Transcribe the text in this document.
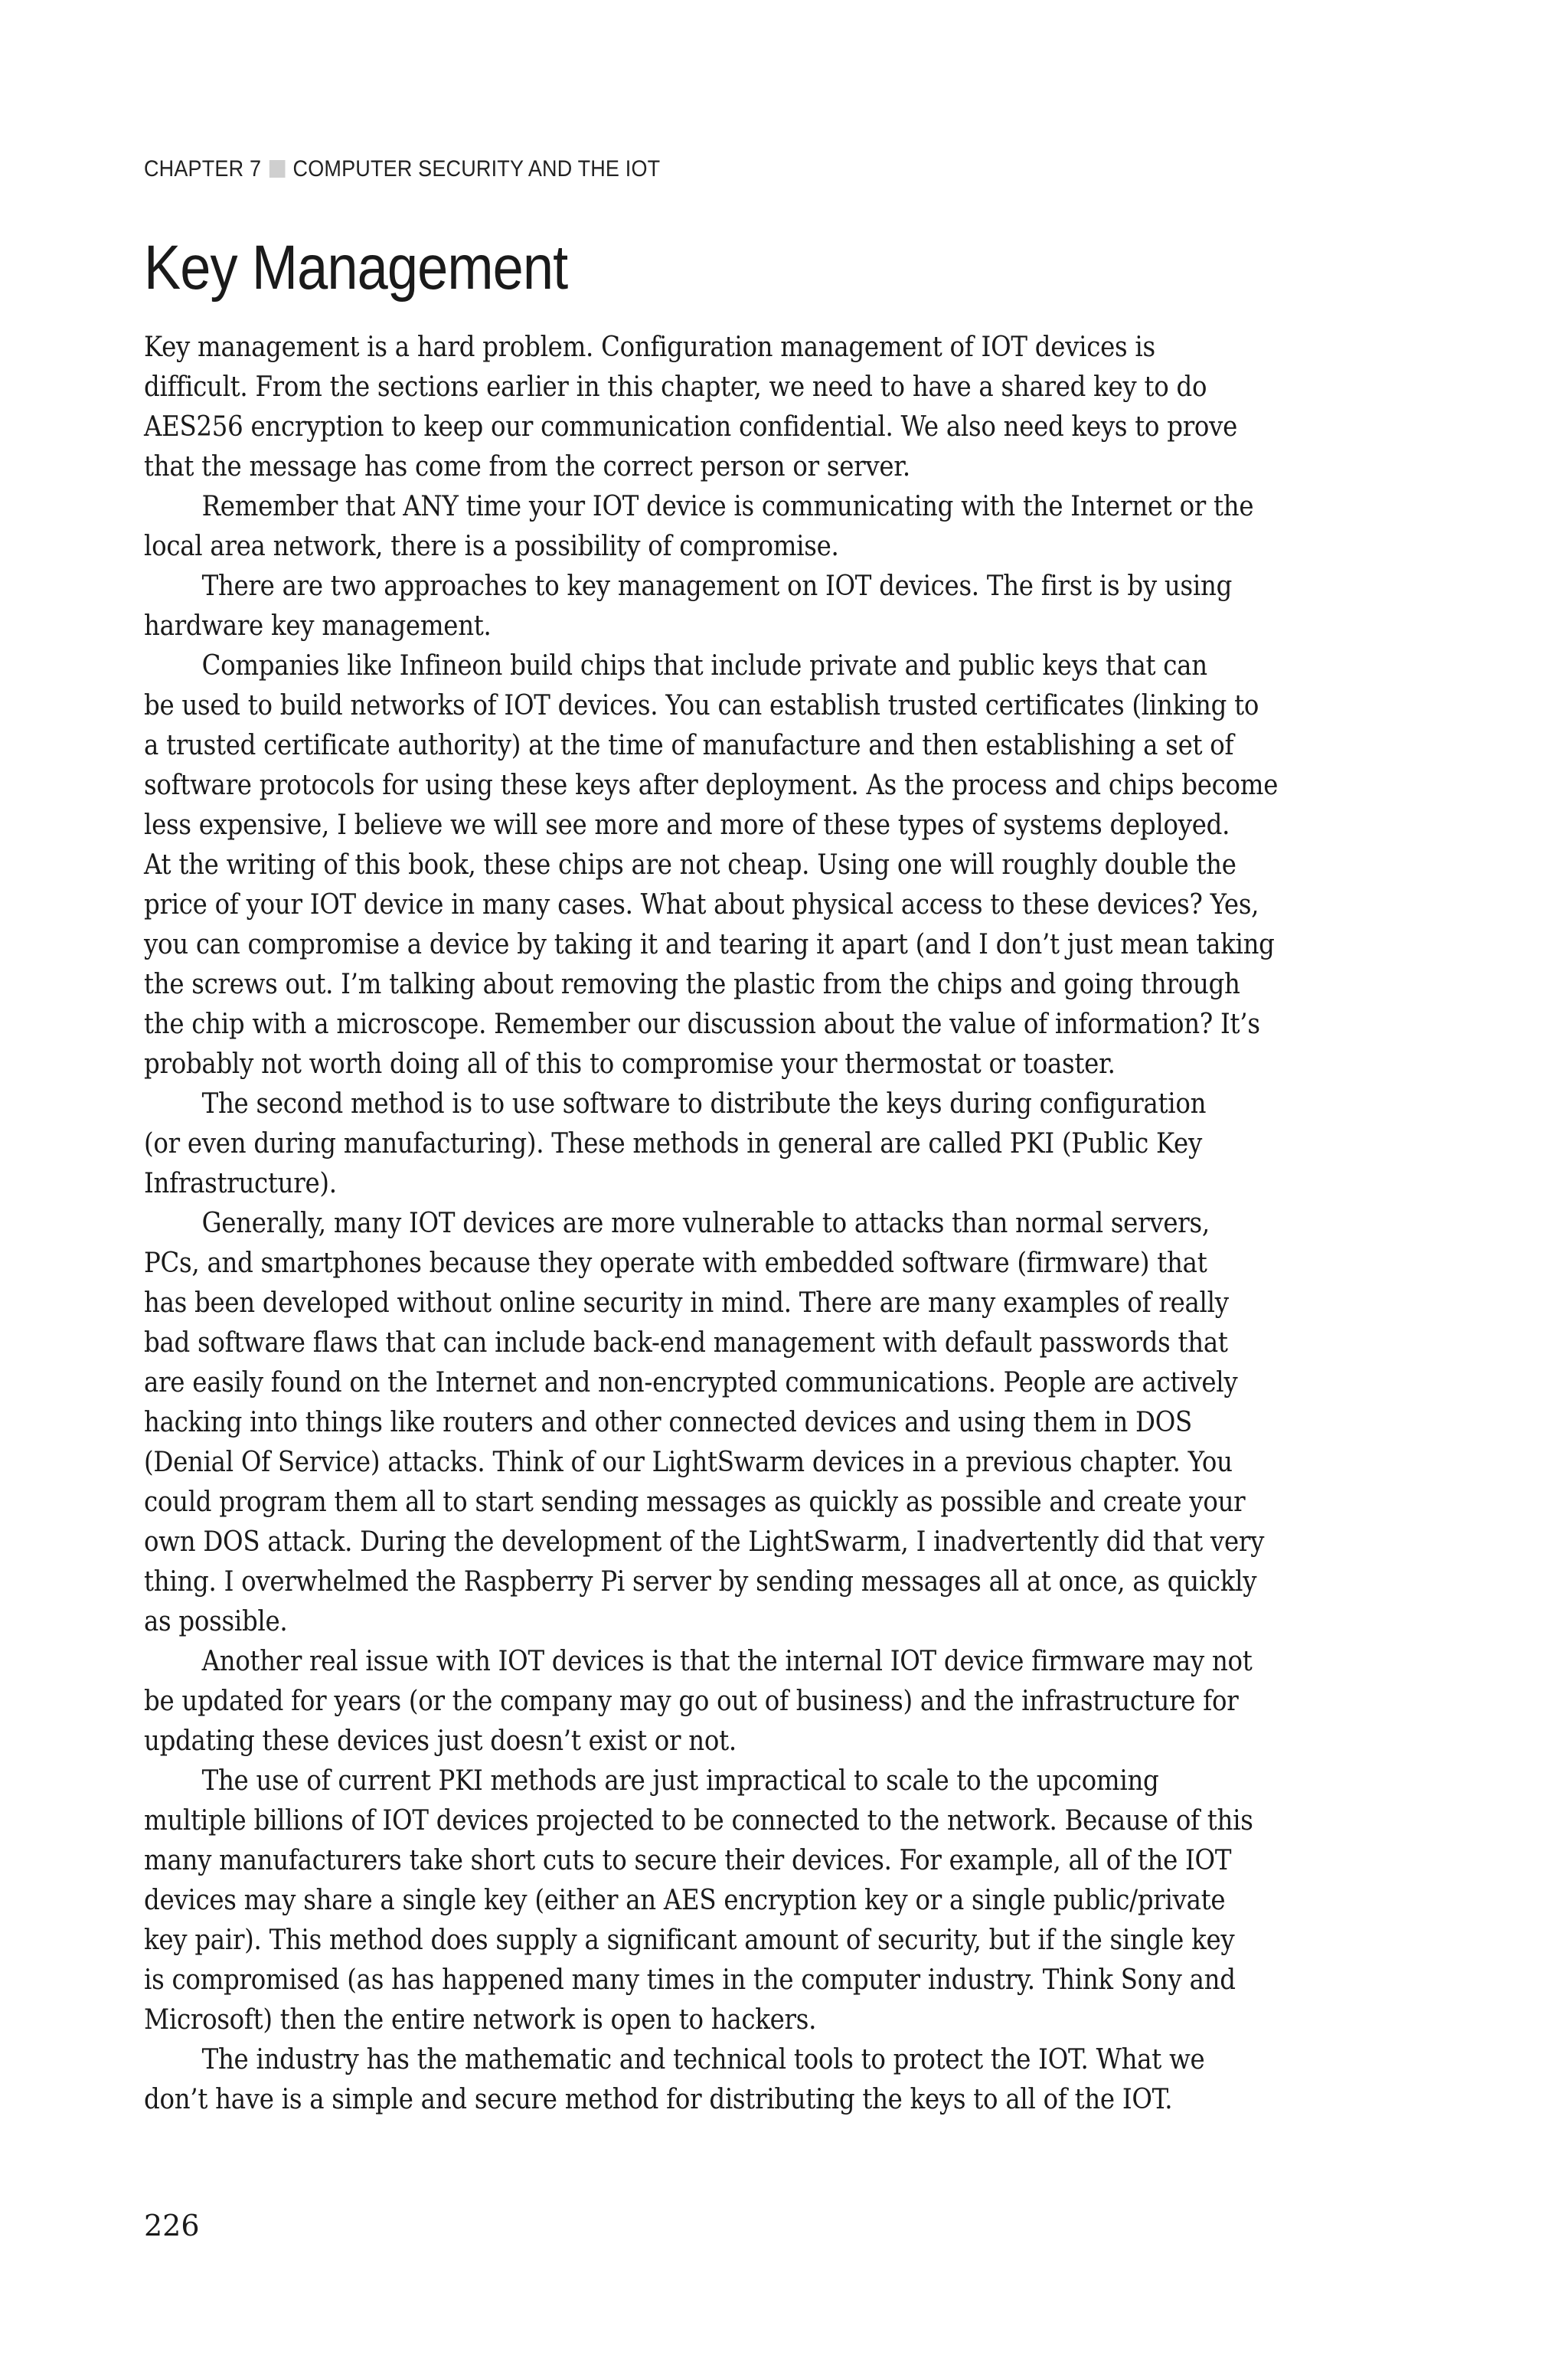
CHAPTER 7 COMPUTER SECURITY AND THE IOT
Key Management
Key management is a hard problem. Configuration management of IOT devices is
difficult. From the sections earlier in this chapter, we need to have a shared key to do
AES256 encryption to keep our communication confidential. We also need keys to prove
that the message has come from the correct person or server.
Remember that ANY time your IOT device is communicating with the Internet or the
local area network, there is a possibility of compromise.
There are two approaches to key management on IOT devices. The first is by using
hardware key management.
Companies like Infineon build chips that include private and public keys that can
be used to build networks of IOT devices. You can establish trusted certificates (linking to
a trusted certificate authority) at the time of manufacture and then establishing a set of
software protocols for using these keys after deployment. As the process and chips become
less expensive, I believe we will see more and more of these types of systems deployed.
At the writing of this book, these chips are not cheap. Using one will roughly double the
price of your IOT device in many cases. What about physical access to these devices? Yes,
you can compromise a device by taking it and tearing it apart (and I don’t just mean taking
the screws out. I’m talking about removing the plastic from the chips and going through
the chip with a microscope. Remember our discussion about the value of information? It’s
probably not worth doing all of this to compromise your thermostat or toaster.
The second method is to use software to distribute the keys during configuration
(or even during manufacturing). These methods in general are called PKI (Public Key
Infrastructure).
Generally, many IOT devices are more vulnerable to attacks than normal servers,
PCs, and smartphones because they operate with embedded software (firmware) that
has been developed without online security in mind. There are many examples of really
bad software flaws that can include back-end management with default passwords that
are easily found on the Internet and non-encrypted communications. People are actively
hacking into things like routers and other connected devices and using them in DOS
(Denial Of Service) attacks. Think of our LightSwarm devices in a previous chapter. You
could program them all to start sending messages as quickly as possible and create your
own DOS attack. During the development of the LightSwarm, I inadvertently did that very
thing. I overwhelmed the Raspberry Pi server by sending messages all at once, as quickly
as possible.
Another real issue with IOT devices is that the internal IOT device firmware may not
be updated for years (or the company may go out of business) and the infrastructure for
updating these devices just doesn’t exist or not.
The use of current PKI methods are just impractical to scale to the upcoming
multiple billions of IOT devices projected to be connected to the network. Because of this
many manufacturers take short cuts to secure their devices. For example, all of the IOT
devices may share a single key (either an AES encryption key or a single public/private
key pair). This method does supply a significant amount of security, but if the single key
is compromised (as has happened many times in the computer industry. Think Sony and
Microsoft) then the entire network is open to hackers.
The industry has the mathematic and technical tools to protect the IOT. What we
don’t have is a simple and secure method for distributing the keys to all of the IOT.
226
